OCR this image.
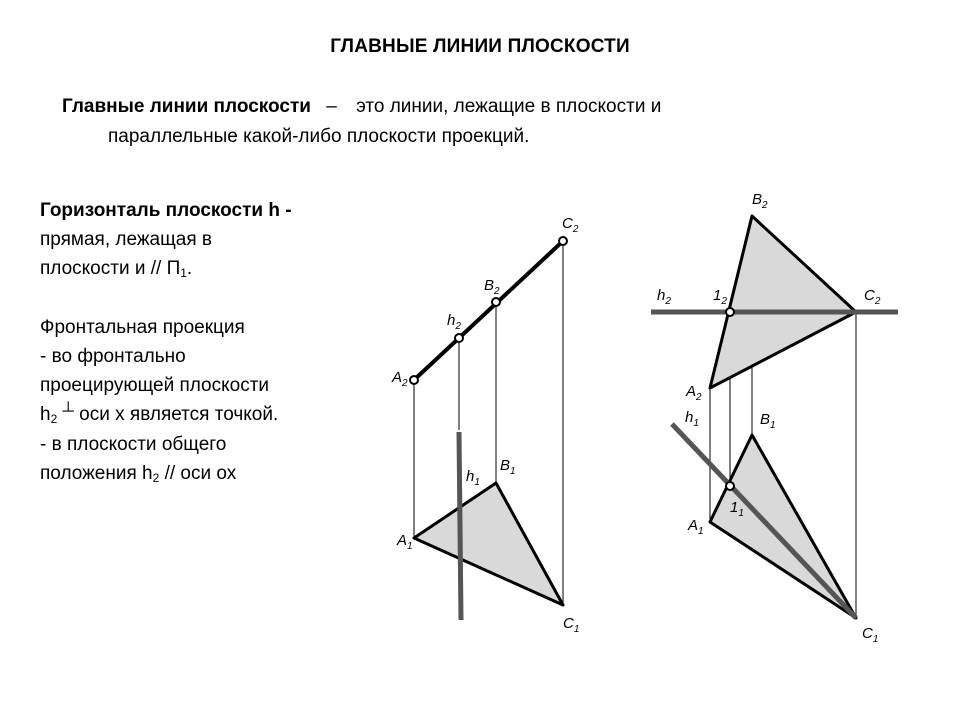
ГЛАВНЫЕ ЛИНИИ ПЛОСКОСТИ
Главные линии плоскости – это линии, лежащие в плоскости и
параллельные какой-либо плоскости проекций.

Горизонталь плоскости h -

прямая, лежащая в

плоскости и // $П_1$.

Фронтальная проекция

- во фронтально

проецирующей плоскости

$h_2$ ┴ оси х является точкой.

- в плоскости общего

положения $h_2$ // оси ох

$C_2$
$B_2$
$h_2$
$A_2$
$B_1$
$h_1$
$A_1$
$C_1$
$B_2$
$h_2$	$1_2$	$C_2$
$A_2$
$h_1$	$B_1$
$1_1$
$A_1$
$C_1$
